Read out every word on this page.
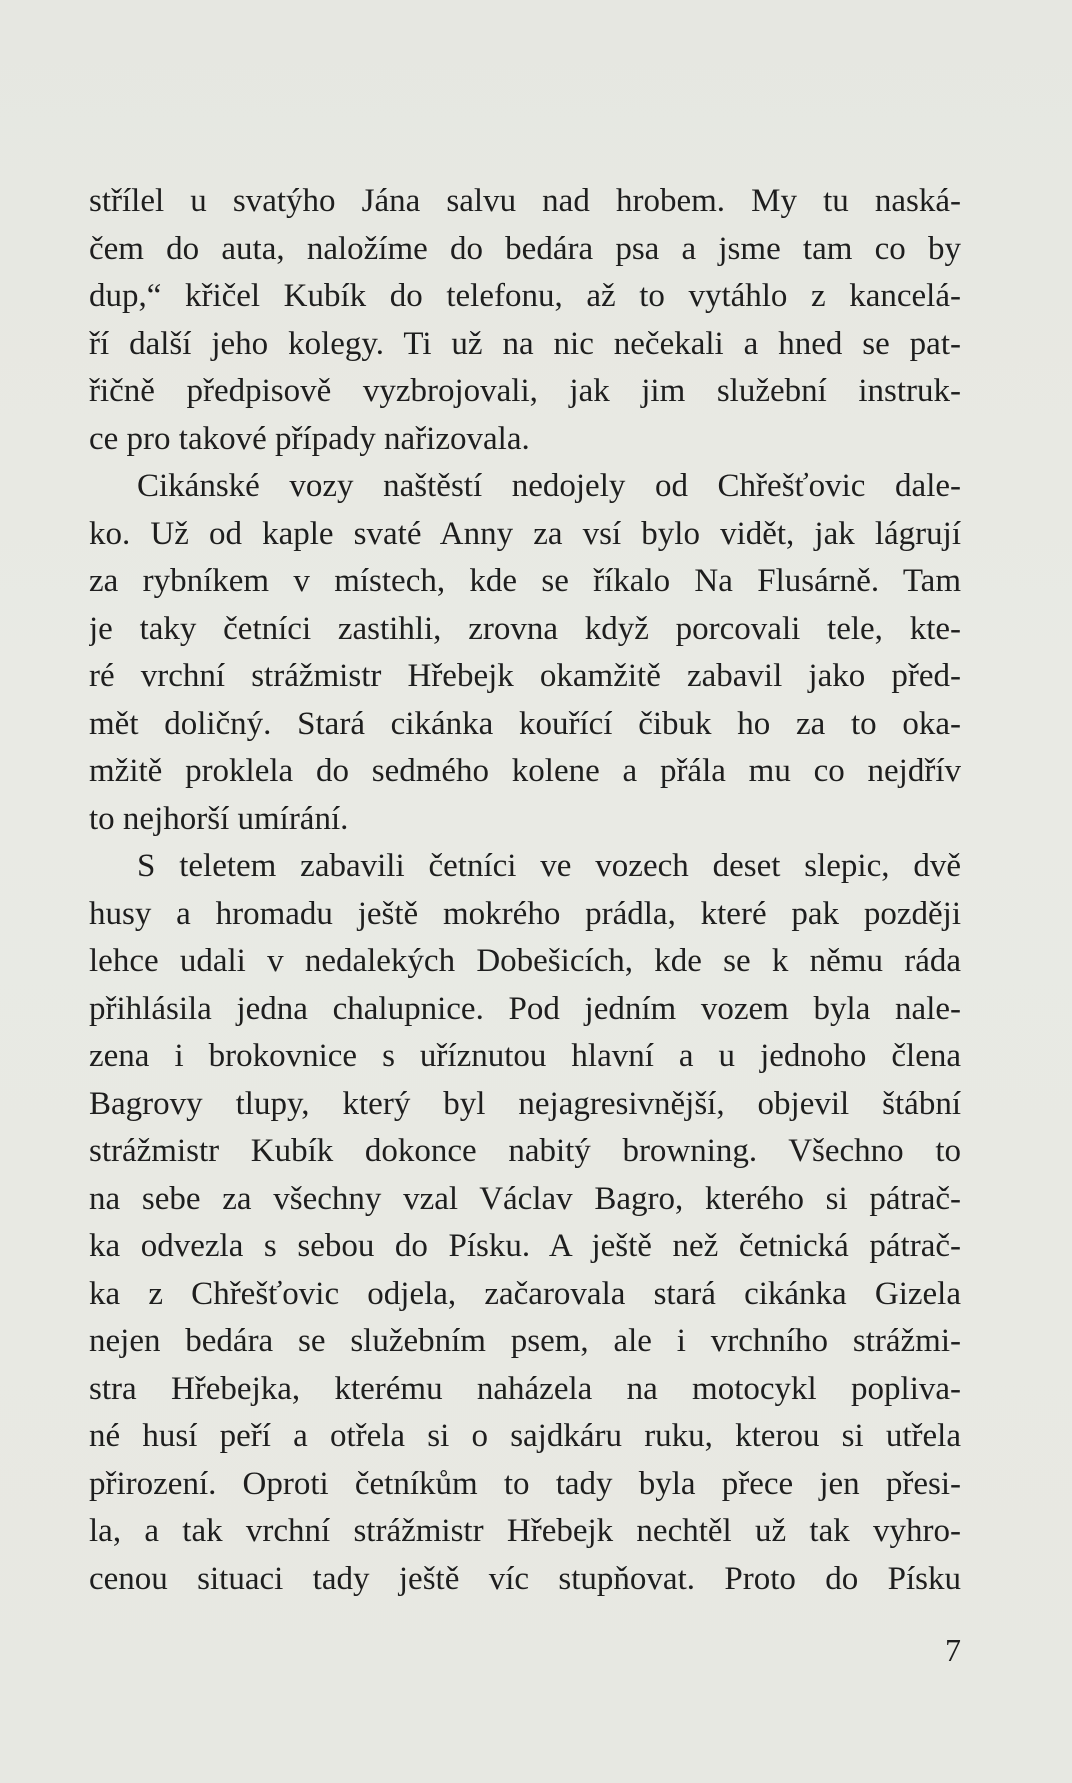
střílel u svatýho Jána salvu nad hrobem. My tu naská-
čem do auta, naložíme do bedára psa a jsme tam co by
dup,“ křičel Kubík do telefonu, až to vytáhlo z kancelá-
ří další jeho kolegy. Ti už na nic nečekali a hned se pat-
řičně předpisově vyzbrojovali, jak jim služební instruk-
ce pro takové případy nařizovala.
Cikánské vozy naštěstí nedojely od Chřešťovic dale-
ko. Už od kaple svaté Anny za vsí bylo vidět, jak lágrují
za rybníkem v místech, kde se říkalo Na Flusárně. Tam
je taky četníci zastihli, zrovna když porcovali tele, kte-
ré vrchní strážmistr Hřebejk okamžitě zabavil jako před-
mět doličný. Stará cikánka kouřící čibuk ho za to oka-
mžitě proklela do sedmého kolene a přála mu co nejdřív
to nejhorší umírání.
S teletem zabavili četníci ve vozech deset slepic, dvě
husy a hromadu ještě mokrého prádla, které pak později
lehce udali v nedalekých Dobešicích, kde se k němu ráda
přihlásila jedna chalupnice. Pod jedním vozem byla nale-
zena i brokovnice s uříznutou hlavní a u jednoho člena
Bagrovy tlupy, který byl nejagresivnější, objevil štábní
strážmistr Kubík dokonce nabitý browning. Všechno to
na sebe za všechny vzal Václav Bagro, kterého si pátrač-
ka odvezla s sebou do Písku. A ještě než četnická pátrač-
ka z Chřešťovic odjela, začarovala stará cikánka Gizela
nejen bedára se služebním psem, ale i vrchního strážmi-
stra Hřebejka, kterému naházela na motocykl popliva-
né husí peří a otřela si o sajdkáru ruku, kterou si utřela
přirození. Oproti četníkům to tady byla přece jen přesi-
la, a tak vrchní strážmistr Hřebejk nechtěl už tak vyhro-
cenou situaci tady ještě víc stupňovat. Proto do Písku
7
